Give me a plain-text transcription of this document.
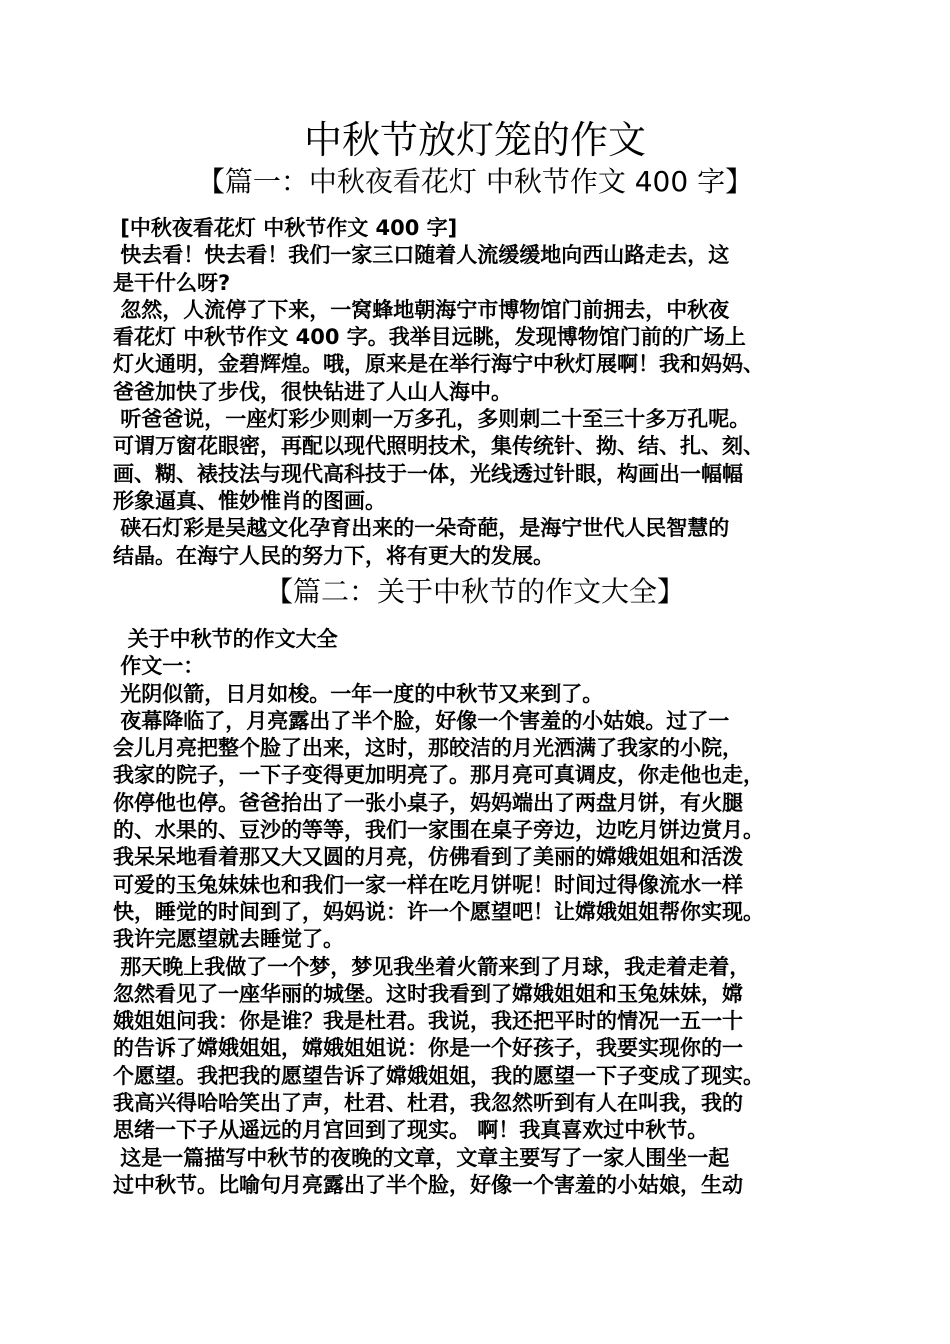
中秋节放灯笼的作文
【篇一：中秋夜看花灯 中秋节作文 400 字】
[中秋夜看花灯 中秋节作文 400 字]
快去看！快去看！我们一家三口随着人流缓缓地向西山路走去，这
是干什么呀?
忽然，人流停了下来，一窝蜂地朝海宁市博物馆门前拥去，中秋夜
看花灯 中秋节作文 400 字。我举目远眺，发现博物馆门前的广场上
灯火通明，金碧辉煌。哦，原来是在举行海宁中秋灯展啊！我和妈妈、
爸爸加快了步伐，很快钻进了人山人海中。
听爸爸说，一座灯彩少则刺一万多孔，多则刺二十至三十多万孔呢。
可谓万窗花眼密，再配以现代照明技术，集传统针、拗、结、扎、刻、
画、糊、裱技法与现代高科技于一体，光线透过针眼，构画出一幅幅
形象逼真、惟妙惟肖的图画。
硖石灯彩是吴越文化孕育出来的一朵奇葩，是海宁世代人民智慧的
结晶。在海宁人民的努力下，将有更大的发展。
【篇二：关于中秋节的作文大全】
关于中秋节的作文大全
作文一：
光阴似箭，日月如梭。一年一度的中秋节又来到了。
夜幕降临了，月亮露出了半个脸，好像一个害羞的小姑娘。过了一
会儿月亮把整个脸了出来，这时，那皎洁的月光洒满了我家的小院，
我家的院子，一下子变得更加明亮了。那月亮可真调皮，你走他也走，
你停他也停。爸爸抬出了一张小桌子，妈妈端出了两盘月饼，有火腿
的、水果的、豆沙的等等，我们一家围在桌子旁边，边吃月饼边赏月。
我呆呆地看着那又大又圆的月亮，仿佛看到了美丽的嫦娥姐姐和活泼
可爱的玉兔妹妹也和我们一家一样在吃月饼呢！时间过得像流水一样
快，睡觉的时间到了，妈妈说：许一个愿望吧！让嫦娥姐姐帮你实现。
我许完愿望就去睡觉了。
那天晚上我做了一个梦，梦见我坐着火箭来到了月球，我走着走着，
忽然看见了一座华丽的城堡。这时我看到了嫦娥姐姐和玉兔妹妹，嫦
娥姐姐问我：你是谁？我是杜君。我说，我还把平时的情况一五一十
的告诉了嫦娥姐姐，嫦娥姐姐说：你是一个好孩子，我要实现你的一
个愿望。我把我的愿望告诉了嫦娥姐姐，我的愿望一下子变成了现实。
我高兴得哈哈笑出了声，杜君、杜君，我忽然听到有人在叫我，我的
思绪一下子从遥远的月宫回到了现实。 啊！我真喜欢过中秋节。
这是一篇描写中秋节的夜晚的文章，文章主要写了一家人围坐一起
过中秋节。比喻句月亮露出了半个脸，好像一个害羞的小姑娘，生动
